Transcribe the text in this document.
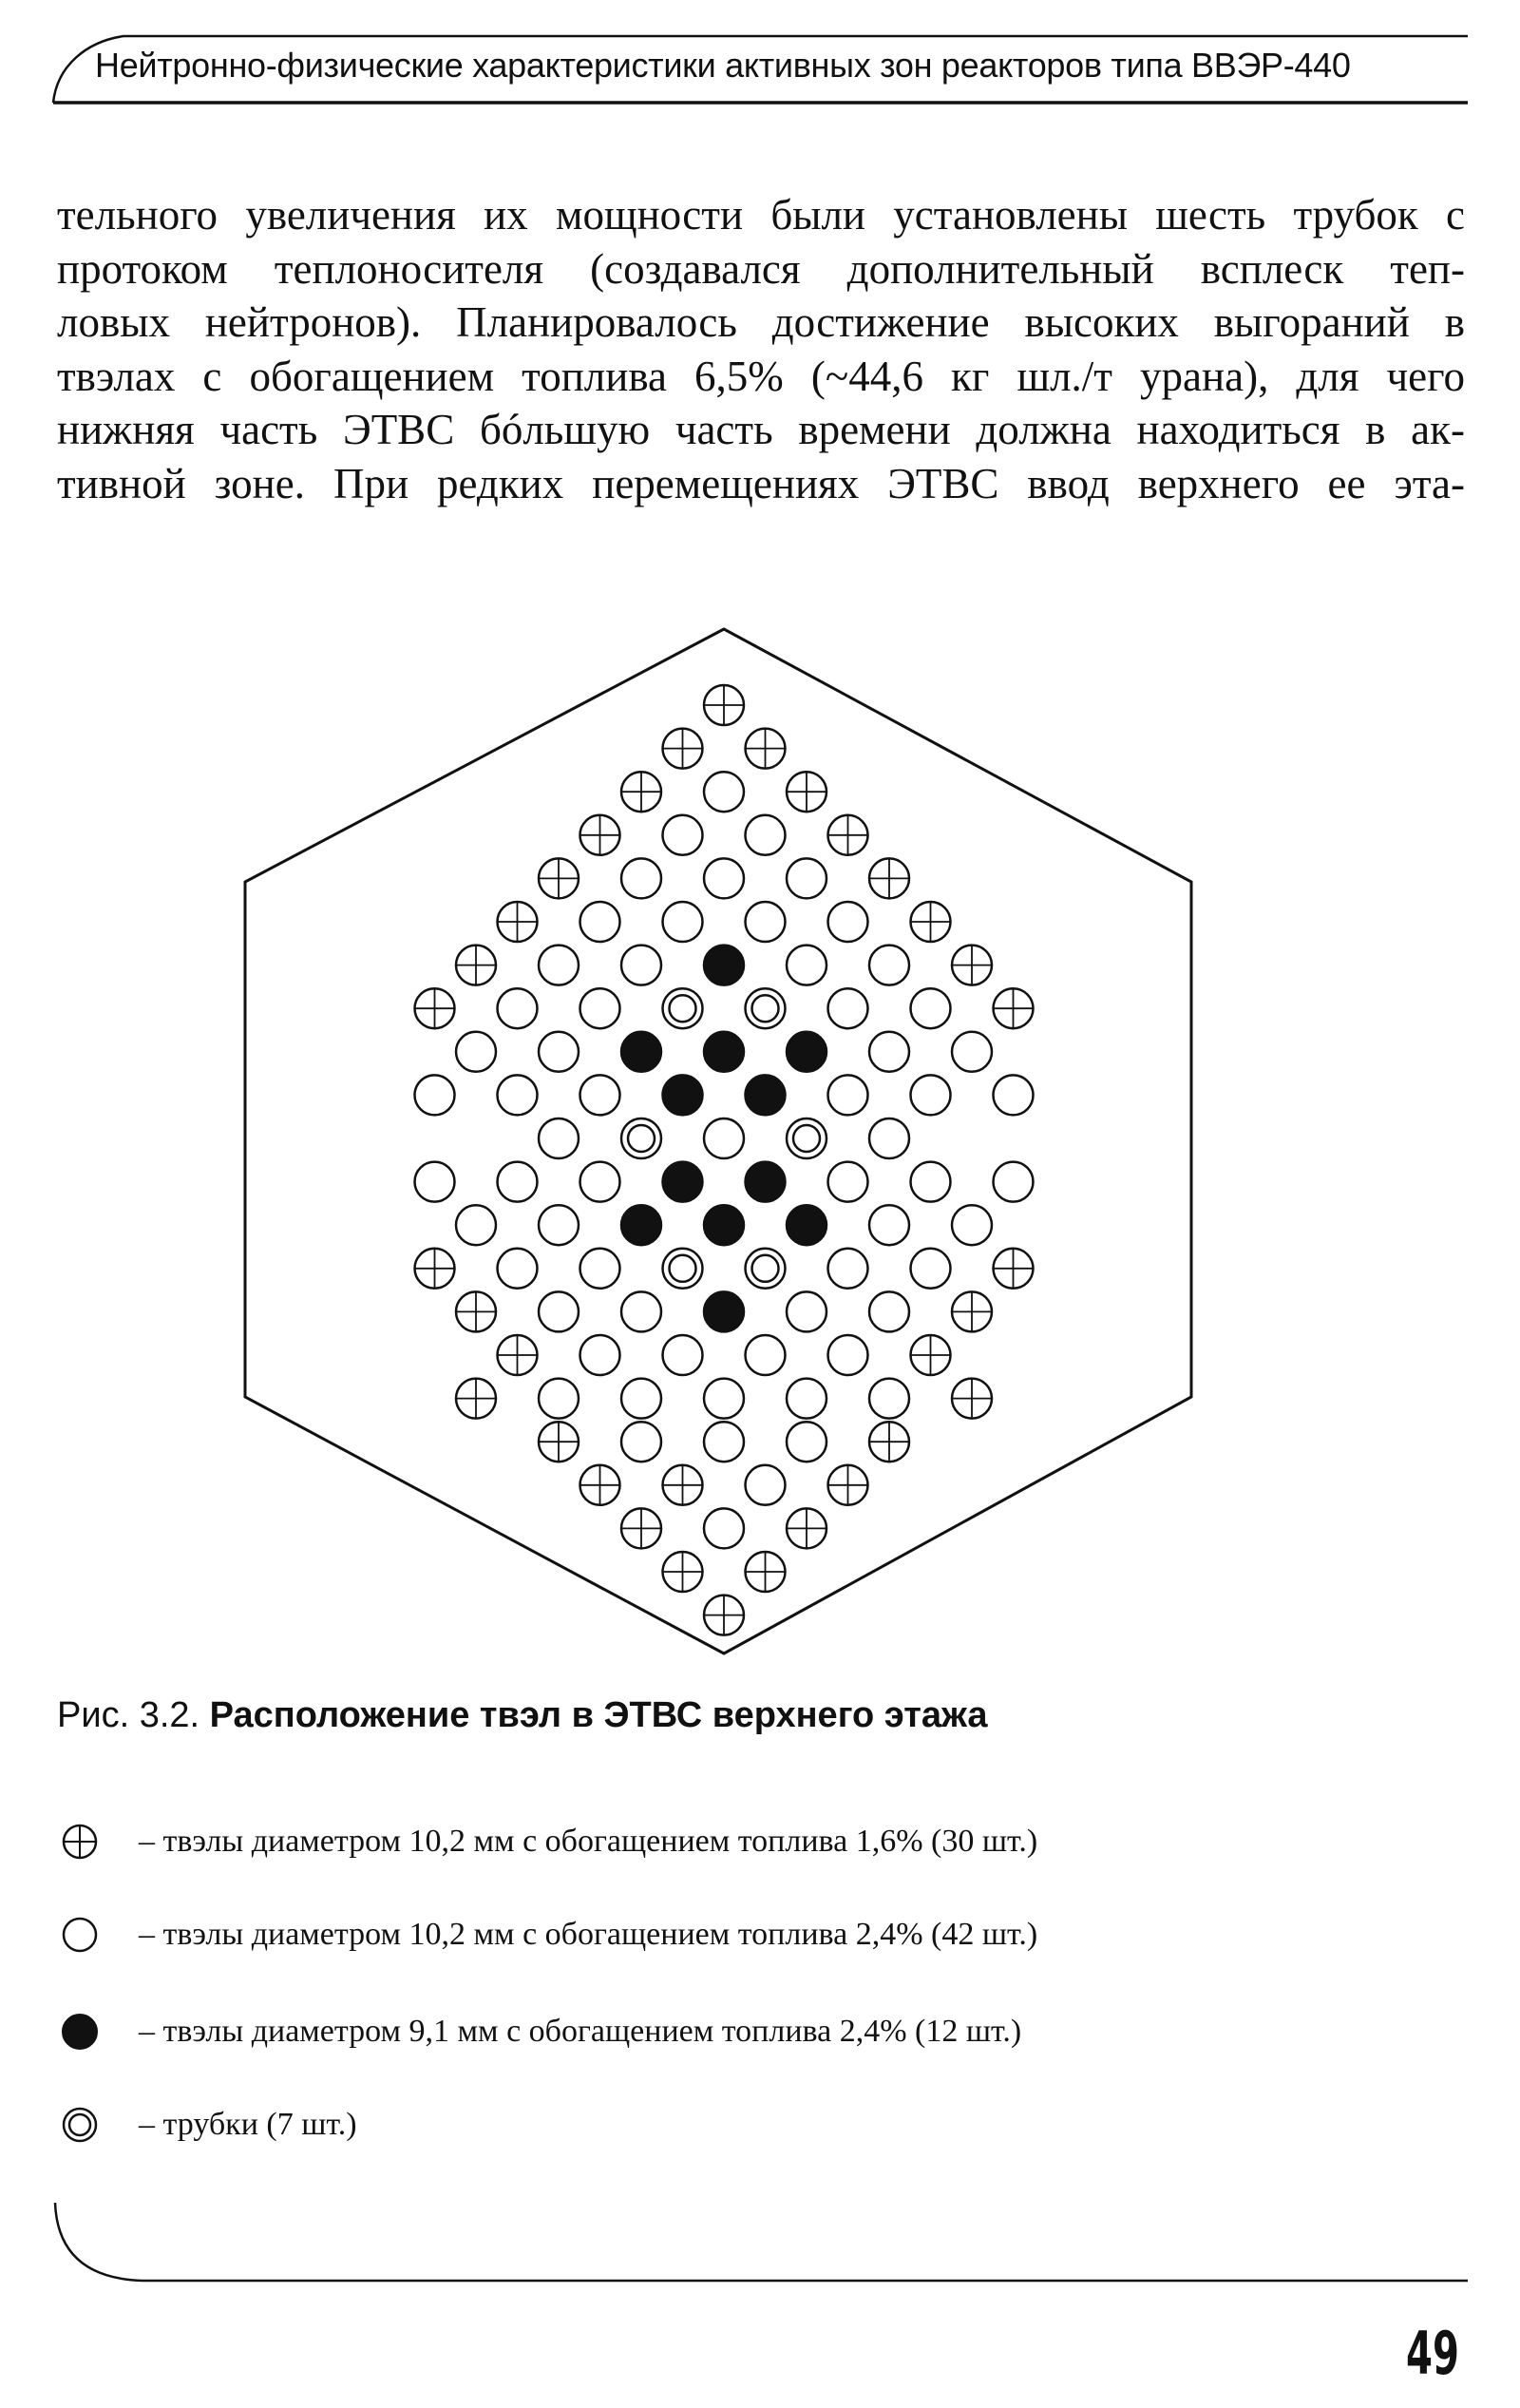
Нейтронно-физические характеристики активных зон реакторов типа ВВЭР-440
тельного увеличения их мощности были установлены шесть трубок с
протоком теплоносителя (создавался дополнительный всплеск теп-
ловых нейтронов). Планировалось достижение высоких выгораний в
твэлах с обогащением топлива 6,5% (~44,6 кг шл./т урана), для чего
нижняя часть ЭТВС бóльшую часть времени должна находиться в ак-
тивной зоне. При редких перемещениях ЭТВС ввод верхнего ее эта-
Рис. 3.2. Расположение твэл в ЭТВС верхнего этажа
– твэлы диаметром 10,2 мм с обогащением топлива 1,6% (30 шт.)
– твэлы диаметром 10,2 мм с обогащением топлива 2,4% (42 шт.)
– твэлы диаметром 9,1 мм с обогащением топлива 2,4% (12 шт.)
– трубки (7 шт.)
49
